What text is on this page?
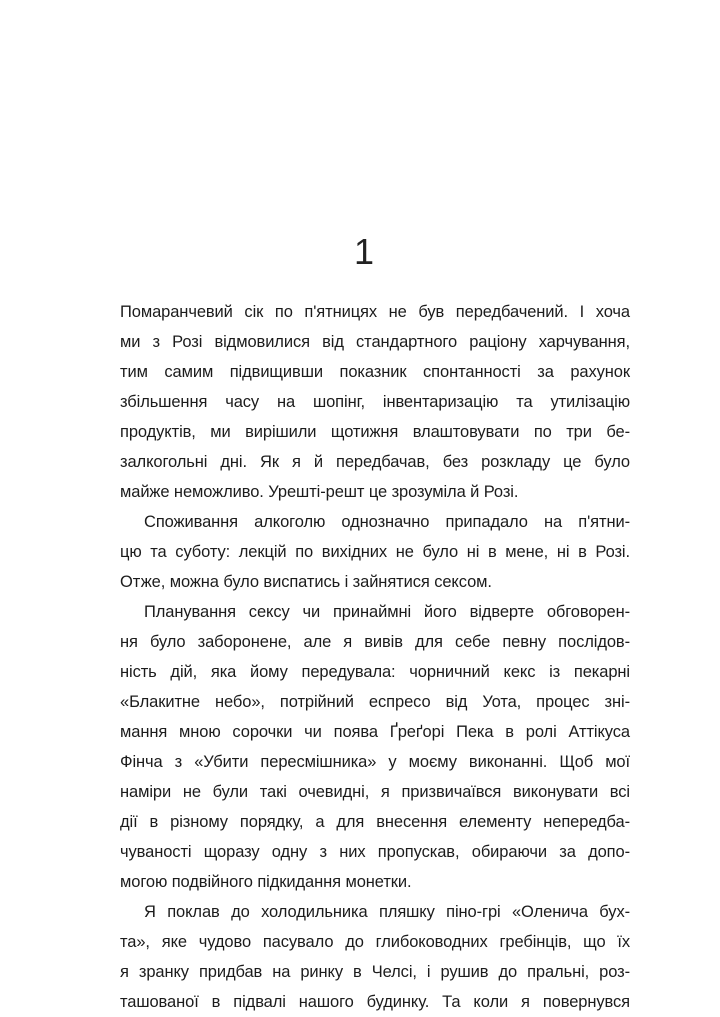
1
Помаранчевий сік по п'ятницях не був передбачений. І хоча
ми з Розі відмовилися від стандартного раціону харчування,
тим самим підвищивши показник спонтанності за рахунок
збільшення часу на шопінг, інвентаризацію та утилізацію
продуктів, ми вирішили щотижня влаштовувати по три бе-
залкогольні дні. Як я й передбачав, без розкладу це було
майже неможливо. Урешті-решт це зрозуміла й Розі.
Споживання алкоголю однозначно припадало на п'ятни-
цю та суботу: лекцій по вихідних не було ні в мене, ні в Розі.
Отже, можна було виспатись і зайнятися сексом.
Планування сексу чи принаймні його відверте обговорен-
ня було заборонене, але я вивів для себе певну послідов-
ність дій, яка йому передувала: чорничний кекс із пекарні
«Блакитне небо», потрійний еспресо від Уота, процес зні-
мання мною сорочки чи поява Ґреґорі Пека в ролі Аттікуса
Фінча з «Убити пересмішника» у моєму виконанні. Щоб мої
наміри не були такі очевидні, я призвичаївся виконувати всі
дії в різному порядку, а для внесення елементу непередба-
чуваності щоразу одну з них пропускав, обираючи за допо-
могою подвійного підкидання монетки.
Я поклав до холодильника пляшку піно-грі «Оленича бух-
та», яке чудово пасувало до глибоководних гребінців, що їх
я зранку придбав на ринку в Челсі, і рушив до пральні, роз-
ташованої в підвалі нашого будинку. Та коли я повернувся
